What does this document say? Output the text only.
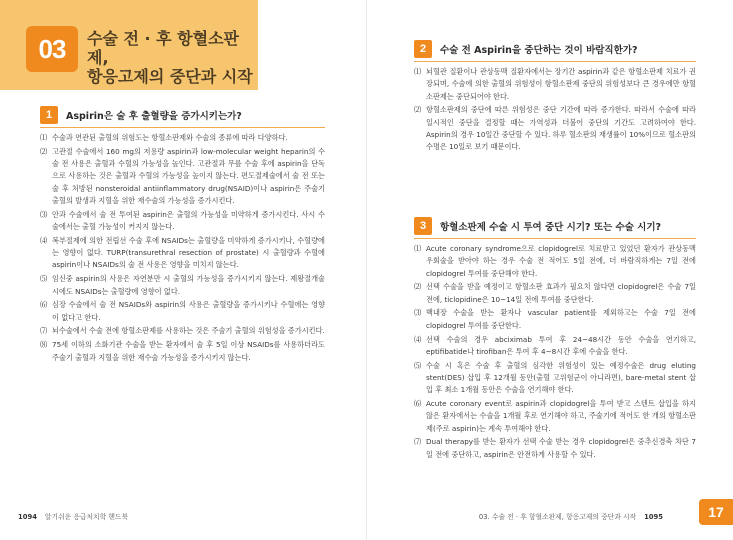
03	수술 전 · 후 항혈소판제,
항응고제의 중단과 시작
1	Aspirin은 술 후 출혈량을 증가시키는가?
⑴ 수술과 연관된 출혈의 위험도는 항혈소판제와 수술의 종류에 따라 다양하다.
⑵ 고관절 수술에서 160 mg의 저용량 aspirin과 low-molecular weight heparin의 수술 전 사용은 출혈과 수혈의 가능성을 높인다. 고관절과 무릎 수술 후에 aspirin을 단독으로 사용하는 것은 출혈과 수혈의 가능성을 높이지 않는다. 편도절제술에서 술 전 또는 술 후 처방된 nonsteroidal antiinflammatory drug(NSAID)이나 aspirin은 주술기 출혈의 발생과 지혈을 위한 재수술의 가능성을 증가시킨다.
⑶ 안과 수술에서 술 전 투여된 aspirin은 출혈의 가능성을 미약하게 증가시킨다. 사시 수술에서는 출혈 가능성이 커지지 않는다.
⑷ 복부절제에 의한 전립선 수술 후에 NSAIDs는 출혈량을 미약하게 증가시키나, 수혈량에는 영향이 없다. TURP(transurethral resection of prostate) 시 출혈량과 수혈에 aspirin이나 NSAIDs의 술 전 사용은 영향을 미치지 않는다.
⑸ 임신중 aspirin의 사용은 자연분만 시 출혈의 가능성을 증가시키지 않는다. 제왕절개술 시에도 NSAIDs는 출혈량에 영향이 없다.
⑹ 심장 수술에서 술 전 NSAIDs와 aspirin의 사용은 출혈량을 증가시키나 수혈에는 영향이 없다고 한다.
⑺ 뇌수술에서 수술 전에 항혈소판제를 사용하는 것은 주술기 출혈의 위험성을 증가시킨다.
⑻ 75세 이하의 소화기관 수술을 받는 환자에서 술 후 5일 이상 NSAIDs를 사용하더라도 주술기 출혈과 지혈을 위한 재수술 가능성을 증가시키지 않는다.
1094 알기쉬운 응급처치학 핸드북
2	수술 전 Aspirin을 중단하는 것이 바람직한가?
⑴ 뇌혈관 질환이나 관상동맥 질환자에서는 장기간 aspirin과 같은 항혈소판제 치료가 권장되며, 수술에 의한 출혈의 위험성이 항혈소판제 중단의 위험성보다 큰 경우에만 항혈소판제는 중단되어야 한다.
⑵ 항혈소판제의 중단에 따른 위험성은 중단 기간에 따라 증가한다. 따라서 수술에 따라 일시적인 중단을 결정할 때는 가역성과 더불어 중단의 기간도 고려하여야 한다. Aspirin의 경우 10일간 중단할 수 있다. 하루 혈소판의 재생률이 10%이므로 혈소판의 수명은 10일로 보기 때문이다.
3	항혈소판제 수술 시 투여 중단 시기? 또는 수술 시기?
⑴ Acute coronary syndrome으로 clopidogrel로 치료받고 있었던 환자가 관상동맥 우회술을 받아야 하는 경우 수술 전 적어도 5일 전에, 더 바람직하게는 7일 전에 clopidogrel 투여를 중단해야 한다.
⑵ 선택 수술을 받을 예정이고 항혈소판 효과가 필요치 않다면 clopidogrel은 수술 7일 전에, ticlopidine은 10~14일 전에 투여를 중단한다.
⑶ 백내장 수술을 받는 환자나 vascular patient를 제외하고는 수술 7일 전에 clopidogrel 투여를 중단한다.
⑷ 선택 수술의 경우 abciximab 투여 후 24~48시간 동안 수술을 연기하고, eptifibatide나 tirofiban은 투여 후 4~8시간 후에 수술을 한다.
⑸ 수술 시 혹은 수술 후 출혈의 심각한 위험성이 있는 예정수술은 drug eluting stent(DES) 삽입 후 12개월 동안(출혈 고위험군이 아니라면), bare-metal stent 삽입 후 최소 1개월 동안은 수술을 연기해야 한다.
⑹ Acute coronary event로 aspirin과 clopidogrel을 투여 받고 스텐트 삽입을 하지 않은 환자에서는 수술을 1개월 후로 연기해야 하고, 주술기에 적어도 한 개의 항혈소판제(주로 aspirin)는 계속 투여해야 한다.
⑺ Dual therapy를 받는 환자가 선택 수술 받는 경우 clopidogrel은 중추신경축 차단 7일 전에 중단하고, aspirin은 안전하게 사용할 수 있다.
03. 수술 전 · 후 항혈소판제, 항응고제의 중단과 시작 1095	17
